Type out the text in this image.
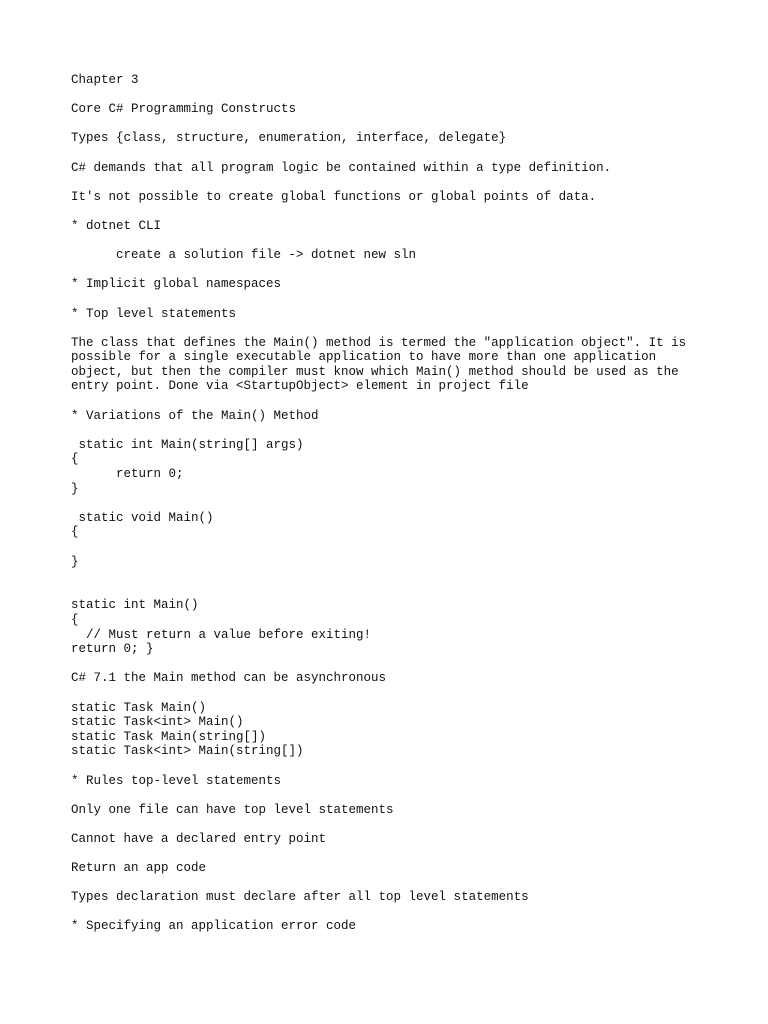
Chapter 3
Core C# Programming Constructs
Types {class, structure, enumeration, interface, delegate}
C# demands that all program logic be contained within a type definition.
It's not possible to create global functions or global points of data.
* dotnet CLI
create a solution file -> dotnet new sln
* Implicit global namespaces
* Top level statements
The class that defines the Main() method is termed the "application object". It is
possible for a single executable application to have more than one application
object, but then the compiler must know which Main() method should be used as the
entry point. Done via <StartupObject> element in project file
* Variations of the Main() Method
static int Main(string[] args)
{
return 0;
}
static void Main()
{
}
static int Main()
{
// Must return a value before exiting!
return 0; }
C# 7.1 the Main method can be asynchronous
static Task Main()
static Task<int> Main()
static Task Main(string[])
static Task<int> Main(string[])
* Rules top-level statements
Only one file can have top level statements
Cannot have a declared entry point
Return an app code
Types declaration must declare after all top level statements
* Specifying an application error code
